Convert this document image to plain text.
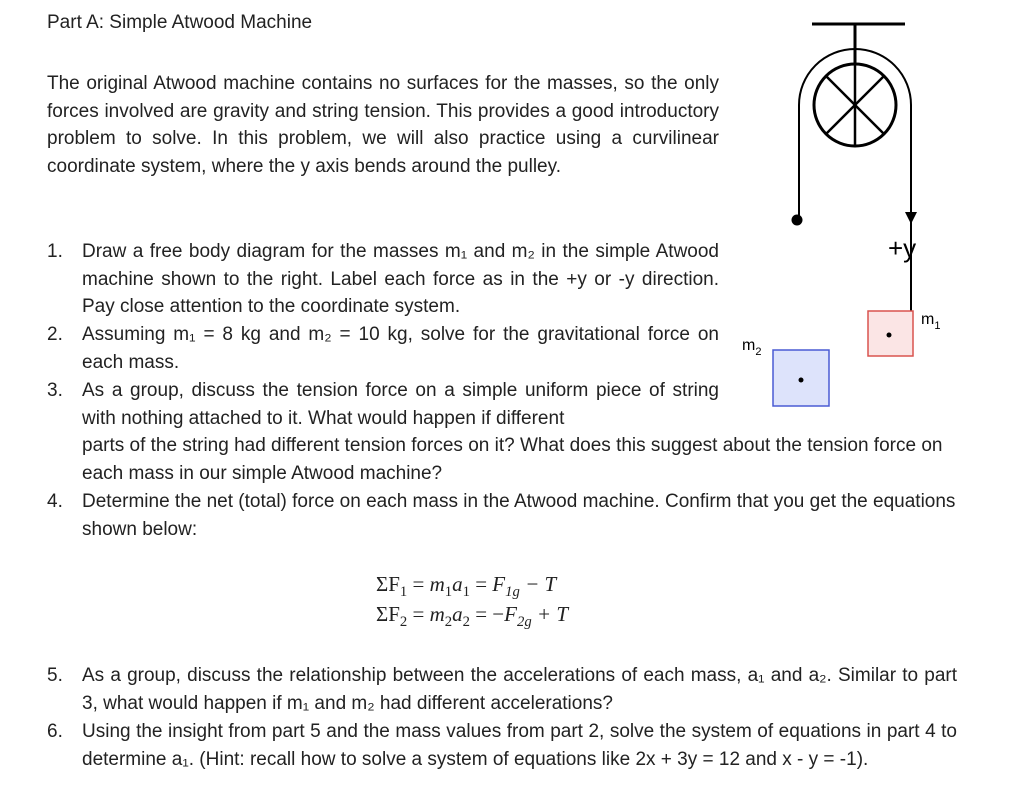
Part A: Simple Atwood Machine
The original Atwood machine contains no surfaces for the masses, so the only forces involved are gravity and string tension. This provides a good introductory problem to solve. In this problem, we will also practice using a curvilinear coordinate system, where the y axis bends around the pulley.
1.	Draw a free body diagram for the masses m₁ and m₂ in the simple Atwood machine shown to the right. Label each force as in the +y or -y direction. Pay close attention to the coordinate system.
2.	Assuming m₁ = 8 kg and m₂ = 10 kg, solve for the gravitational force on each mass.
3.	As a group, discuss the tension force on a simple uniform piece of string with nothing attached to it. What would happen if different
parts of the string had different tension forces on it? What does this suggest about the tension force on each mass in our simple Atwood machine?
4.	Determine the net (total) force on each mass in the Atwood machine. Confirm that you get the equations shown below:
$\Sigma F_1 = m_1a_1 = F_{1g} - T$
$\Sigma F_2 = m_2a_2 = -F_{2g} + T$
5.	As a group, discuss the relationship between the accelerations of each mass, a₁ and a₂. Similar to part 3, what would happen if m₁ and m₂ had different accelerations?
6.	Using the insight from part 5 and the mass values from part 2, solve the system of equations in part 4 to determine a₁. (Hint: recall how to solve a system of equations like 2x + 3y = 12 and x - y = -1).
+y
$m_1$
$m_2$
